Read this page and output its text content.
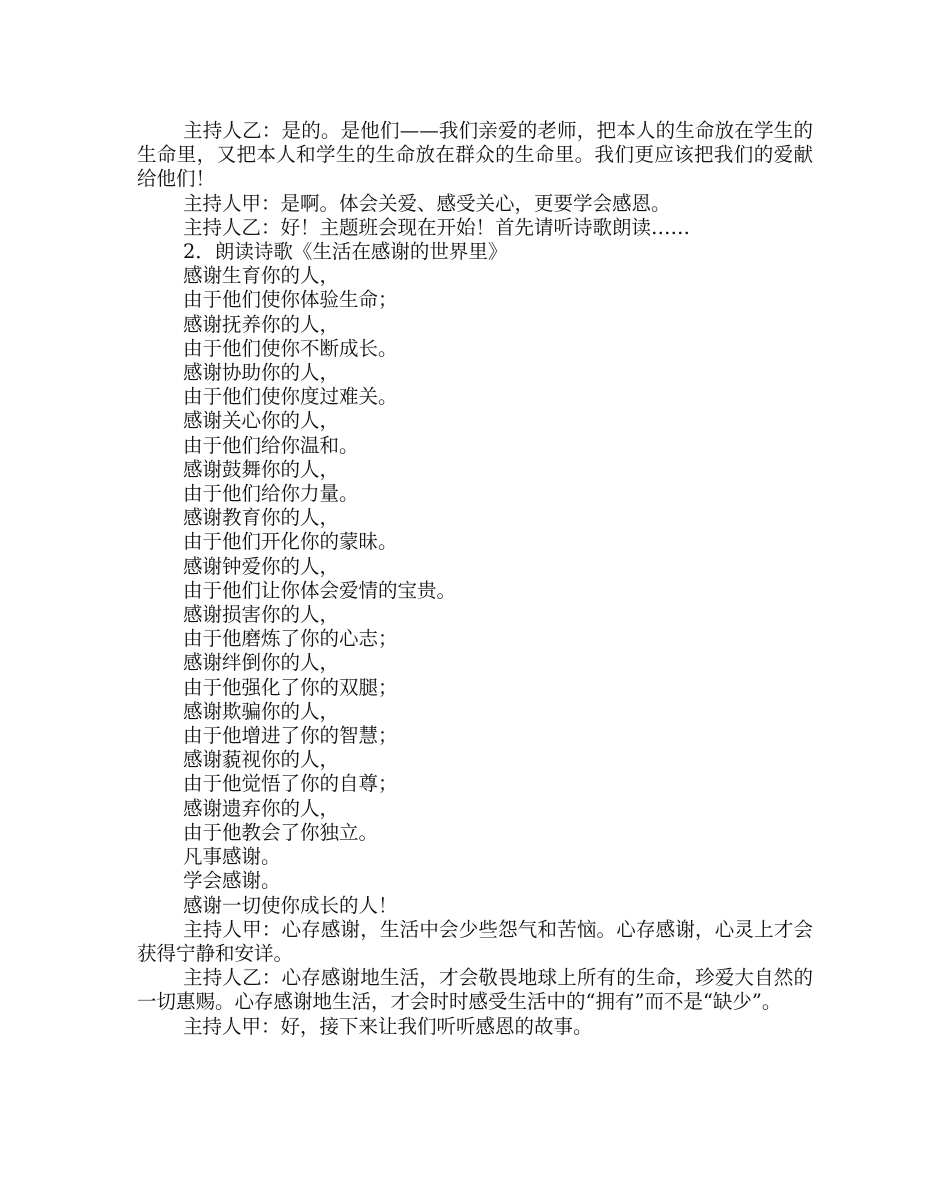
主持人乙：是的。是他们——我们亲爱的老师，把本人的生命放在学生的生命里，又把本人和学生的生命放在群众的生命里。我们更应该把我们的爱献给他们！

主持人甲：是啊。体会关爱、感受关心，更要学会感恩。

主持人乙：好！主题班会现在开始！首先请听诗歌朗读……

2．朗读诗歌《生活在感谢的世界里》

感谢生育你的人，
由于他们使你体验生命；
感谢抚养你的人，
由于他们使你不断成长。
感谢协助你的人，
由于他们使你度过难关。
感谢关心你的人，
由于他们给你温和。
感谢鼓舞你的人，
由于他们给你力量。
感谢教育你的人，
由于他们开化你的蒙昧。
感谢钟爱你的人，
由于他们让你体会爱情的宝贵。
感谢损害你的人，
由于他磨炼了你的心志；
感谢绊倒你的人，
由于他强化了你的双腿；
感谢欺骗你的人，
由于他增进了你的智慧；
感谢藐视你的人，
由于他觉悟了你的自尊；
感谢遗弃你的人，
由于他教会了你独立。
凡事感谢。
学会感谢。
感谢一切使你成长的人！

主持人甲：心存感谢，生活中会少些怨气和苦恼。心存感谢，心灵上才会获得宁静和安详。

主持人乙：心存感谢地生活，才会敬畏地球上所有的生命，珍爱大自然的一切惠赐。心存感谢地生活，才会时时感受生活中的“拥有”而不是“缺少”。

主持人甲：好，接下来让我们听听感恩的故事。
